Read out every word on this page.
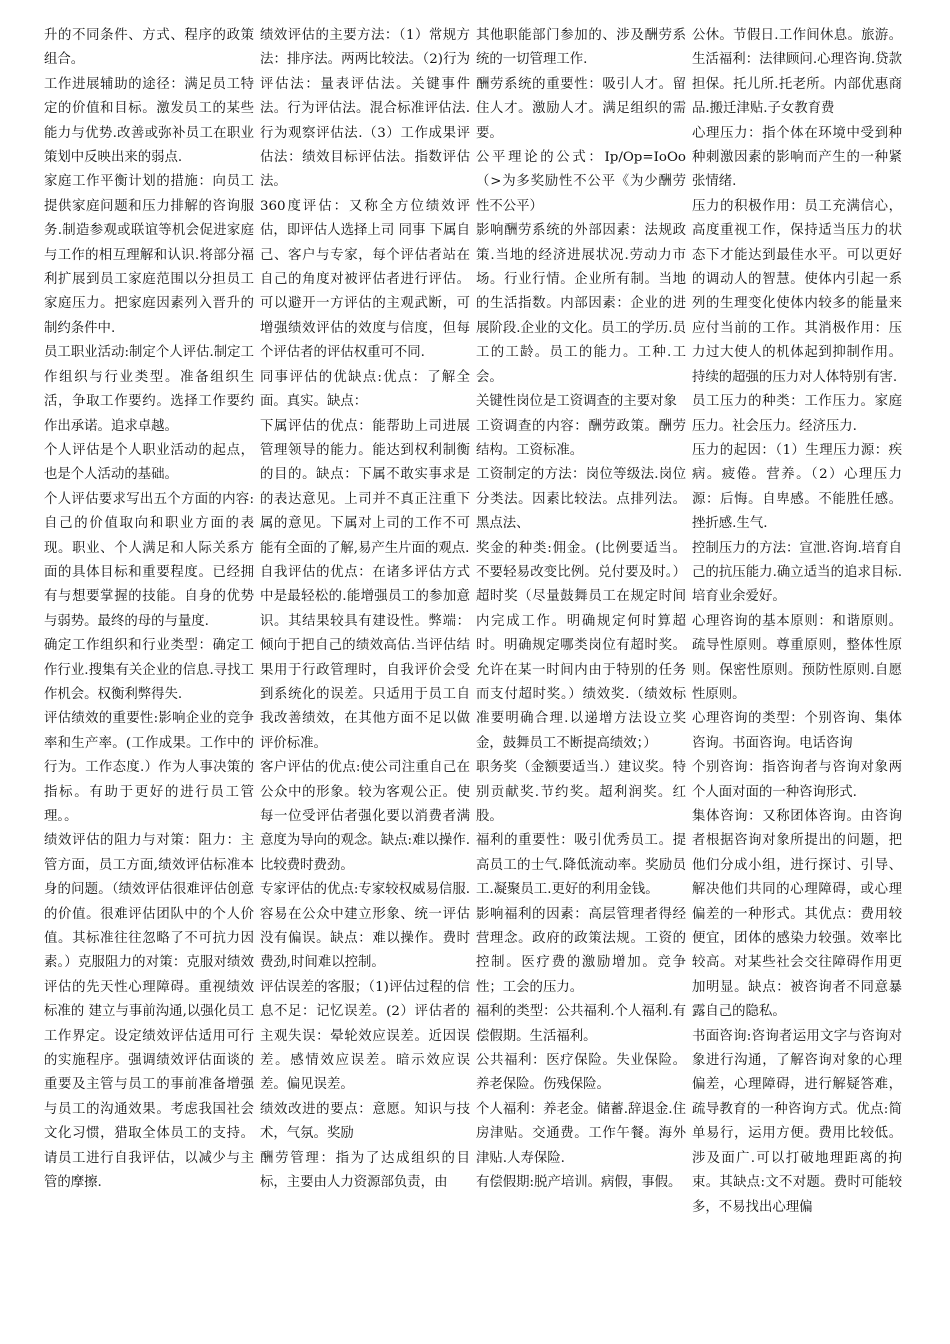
升的不同条件、方式、程序的政策组合。

工作进展辅助的途径：满足员工特定的价值和目标。激发员工的某些能力与优势.改善或弥补员工在职业策划中反映出来的弱点.

家庭工作平衡计划的措施：向员工提供家庭问题和压力排解的咨询服务.制造参观或联谊等机会促进家庭与工作的相互理解和认识.将部分福利扩展到员工家庭范围以分担员工家庭压力。把家庭因素列入晋升的制约条件中.

员工职业活动:制定个人评估.制定工作组织与行业类型。准备组织生活，争取工作要约。选择工作要约作出承诺。追求卓越。

个人评估是个人职业活动的起点，也是个人活动的基础。

个人评估要求写出五个方面的内容:自己的价值取向和职业方面的表现。职业、个人满足和人际关系方面的具体目标和重要程度。已经拥有与想要掌握的技能。自身的优势与弱势。最终的母的与量度.

确定工作组织和行业类型：确定工作行业.搜集有关企业的信息.寻找工作机会。权衡利弊得失.

评估绩效的重要性:影响企业的竞争率和生产率。(工作成果。工作中的行为。工作态度.）作为人事决策的指标。有助于更好的进行员工管理。。

绩效评估的阻力与对策：阻力：主管方面，员工方面,绩效评估标准本身的问题。（绩效评估很难评估创意的价值。很难评估团队中的个人价值。其标准往往忽略了不可抗力因素。）克服阻力的对策：克服对绩效评估的先天性心理障碍。重视绩效标准的 建立与事前沟通,以强化员工工作界定。设定绩效评估适用可行的实施程序。强调绩效评估面谈的重要及主管与员工的事前准备增强与员工的沟通效果。考虑我国社会文化习惯，猎取全体员工的支持。请员工进行自我评估，以减少与主管的摩擦.

绩效评估的主要方法：（1）常规方法：排序法。两两比较法。（2)行为评估法：量表评估法。关键事件法。行为评估法。混合标准评估法.行为观察评估法.（3）工作成果评估法：绩效目标评估法。指数评估法。

360度评估：又称全方位绩效评估，即评估人选择上司 同事 下属自己、客户与专家，每个评估者站在自己的角度对被评估者进行评估。可以避开一方评估的主观武断，可增强绩效评估的效度与信度，但每个评估者的评估权重可不同.

同事评估的优缺点:优点：了解全面。真实。缺点：

下属评估的优点：能帮助上司进展管理领导的能力。能达到权利制衡的目的。缺点：下属不敢实事求是的表达意见。上司并不真正注重下属的意见。下属对上司的工作不可能有全面的了解,易产生片面的观点.

自我评估的优点：在诸多评估方式中是最轻松的.能增强员工的参加意识。其结果较具有建设性。弊端：倾向于把自己的绩效高估.当评估结果用于行政管理时，自我评价会受到系统化的误差。只适用于员工自我改善绩效，在其他方面不足以做评价标准。

客户评估的优点:使公司注重自己在公众中的形象。较为客观公正。使每一位受评估者强化要以消费者满意度为导向的观念。缺点:难以操作.比较费时费劲。

专家评估的优点:专家较权威易信服.容易在公众中建立形象、统一评估没有偏误。缺点：难以操作。费时费劲,时间难以控制。

评估误差的客服；（1)评估过程的信息不足：记忆误差。(2）评估者的主观失误：晕轮效应误差。近因误差。感情效应误差。暗示效应误差。偏见误差。

绩效改进的要点：意愿。知识与技术，气氛。奖励

酬劳管理：指为了达成组织的目标，主要由人力资源部负责，由

其他职能部门参加的、涉及酬劳系统的一切管理工作.

酬劳系统的重要性：吸引人才。留住人才。激励人才。满足组织的需要。

公平理论的公式：Ip/Op=IoOo（>为多奖励性不公平《为少酬劳性不公平）

影响酬劳系统的外部因素：法规政策.当地的经济进展状况.劳动力市场。行业行情。企业所有制。当地的生活指数。内部因素：企业的进展阶段.企业的文化。员工的学历.员工的工龄。员工的能力。工种.工会。

关键性岗位是工资调查的主要对象

工资调查的内容：酬劳政策。酬劳结构。工资标准。

工资制定的方法：岗位等级法.岗位分类法。因素比较法。点排列法。黑点法、

奖金的种类:佣金。(比例要适当。不要轻易改变比例。兑付要及时。）超时奖（尽量鼓舞员工在规定时间内完成工作。明确规定何时算超时。明确规定哪类岗位有超时奖。允许在某一时间内由于特别的任务而支付超时奖。）绩效奖.（绩效标准要明确合理.以递增方法设立奖金，鼓舞员工不断提高绩效；）

职务奖（金额要适当.）建议奖。特别贡献奖.节约奖。超利润奖。红股。

福利的重要性：吸引优秀员工。提高员工的士气.降低流动率。奖励员工.凝聚员工.更好的利用金钱。

影响福利的因素：高层管理者得经营理念。政府的政策法规。工资的控制。医疗费的激励增加。竞争性；工会的压力。

福利的类型：公共福利.个人福利.有偿假期。生活福利。

公共福利：医疗保险。失业保险。养老保险。伤残保险。

个人福利：养老金。储蓄.辞退金.住房津贴。交通费。工作午餐。海外津贴.人寿保险.

有偿假期:脱产培训。病假，事假。

公休。节假日.工作间休息。旅游。生活福利：法律顾问.心理咨询.贷款担保。托儿所.托老所。内部优惠商品.搬迁津贴.子女教育费

心理压力：指个体在环境中受到种种刺激因素的影响而产生的一种紧张情绪.

压力的积极作用：员工充满信心，高度重视工作，保持适当压力的状态下才能达到最佳水平。可以更好的调动人的智慧。使体内引起一系列的生理变化使体内较多的能量来应付当前的工作。其消极作用：压力过大使人的机体起到抑制作用。持续的超强的压力对人体特别有害.

员工压力的种类：工作压力。家庭压力。社会压力。经济压力.

压力的起因：（1）生理压力源：疾病。疲倦。营养。（2）心理压力源：后悔。自卑感。不能胜任感。挫折感.生气.

控制压力的方法：宣泄.咨询.培育自己的抗压能力.确立适当的追求目标.培育业余爱好。

心理咨询的基本原则：和谐原则。疏导性原则。尊重原则，整体性原则。保密性原则。预防性原则.自愿性原则。

心理咨询的类型：个别咨询、集体咨询。书面咨询。电话咨询

个别咨询：指咨询者与咨询对象两个人面对面的一种咨询形式.

集体咨询：又称团体咨询。由咨询者根据咨询对象所提出的问题，把他们分成小组，进行探讨、引导、解决他们共同的心理障碍，或心理偏差的一种形式。其优点：费用较便宜，团体的感染力较强。效率比较高。对某些社会交往障碍作用更加明显。缺点：被咨询者不同意暴露自己的隐私。

书面咨询:咨询者运用文字与咨询对象进行沟通，了解咨询对象的心理偏差，心理障碍，进行解疑答难，疏导教育的一种咨询方式。优点:简单易行，运用方便。费用比较低。涉及面广.可以打破地理距离的拘束。其缺点:文不对题。费时可能较多，不易找出心理偏
